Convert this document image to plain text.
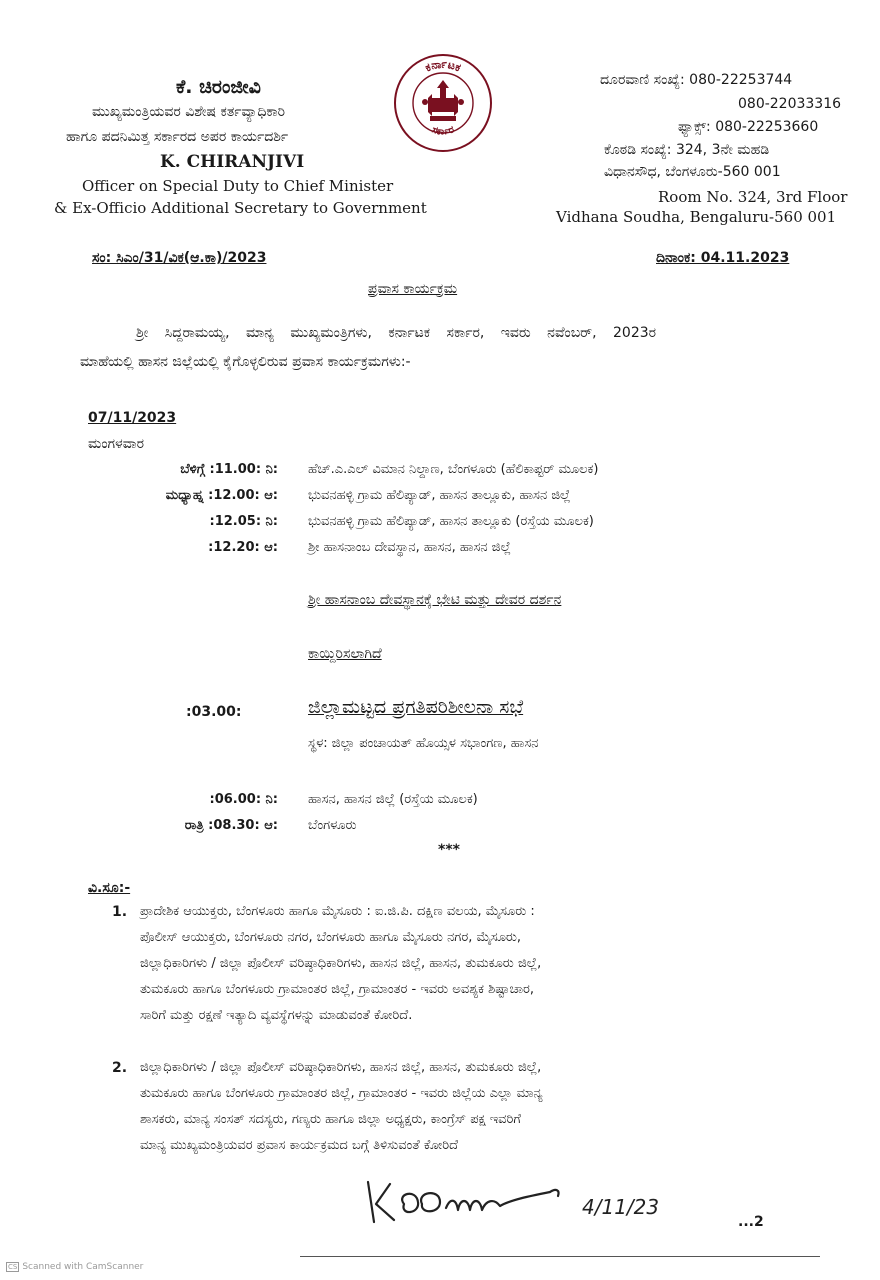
ಕೆ. ಚಿರಂಜೀವಿ
ಮುಖ್ಯಮಂತ್ರಿಯವರ ವಿಶೇಷ ಕರ್ತವ್ಯಾಧಿಕಾರಿ
ಹಾಗೂ ಪದನಿಮಿತ್ತ ಸರ್ಕಾರದ ಅಪರ ಕಾರ್ಯದರ್ಶಿ
K. CHIRANJIVI
Officer on Special Duty to Chief Minister
& Ex-Officio Additional Secretary to Government
ಕರ್ನಾಟಕ
ಸರ್ಕಾರ
ದೂರವಾಣಿ ಸಂಖ್ಯೆ: 080-22253744
080-22033316
ಫ್ಯಾಕ್ಸ್: 080-22253660
ಕೊಠಡಿ ಸಂಖ್ಯೆ: 324, 3ನೇ ಮಹಡಿ
ವಿಧಾನಸೌಧ, ಬೆಂಗಳೂರು-560 001
Room No. 324, 3rd Floor
Vidhana Soudha, Bengaluru-560 001
ಸಂ: ಸಿಎಂ/31/ವಿಕ(ಆ.ಕಾ)/2023	ದಿನಾಂಕ: 04.11.2023
ಪ್ರವಾಸ ಕಾರ್ಯಕ್ರಮ
ಶ್ರೀ ಸಿದ್ದರಾಮಯ್ಯ, ಮಾನ್ಯ ಮುಖ್ಯಮಂತ್ರಿಗಳು, ಕರ್ನಾಟಕ ಸರ್ಕಾರ, ಇವರು ನವೆಂಬರ್, 2023ರ
ಮಾಹೆಯಲ್ಲಿ ಹಾಸನ ಜಿಲ್ಲೆಯಲ್ಲಿ ಕೈಗೊಳ್ಳಲಿರುವ ಪ್ರವಾಸ ಕಾರ್ಯಕ್ರಮಗಳು:-
07/11/2023
ಮಂಗಳವಾರ
ಬೆಳಿಗ್ಗೆ :11.00: ನಿ: ಹೆಚ್.ಎ.ಎಲ್ ವಿಮಾನ ನಿಲ್ದಾಣ, ಬೆಂಗಳೂರು (ಹೆಲಿಕಾಪ್ಟರ್ ಮೂಲಕ)
ಮಧ್ಯಾಹ್ನ :12.00: ಆ: ಭುವನಹಳ್ಳಿ ಗ್ರಾಮ ಹೆಲಿಪ್ಯಾಡ್, ಹಾಸನ ತಾಲ್ಲೂಕು, ಹಾಸನ ಜಿಲ್ಲೆ
:12.05: ನಿ: ಭುವನಹಳ್ಳಿ ಗ್ರಾಮ ಹೆಲಿಪ್ಯಾಡ್, ಹಾಸನ ತಾಲ್ಲೂಕು (ರಸ್ತೆಯ ಮೂಲಕ)
:12.20: ಆ: ಶ್ರೀ ಹಾಸನಾಂಬ ದೇವಸ್ಥಾನ, ಹಾಸನ, ಹಾಸನ ಜಿಲ್ಲೆ
ಶ್ರೀ ಹಾಸನಾಂಬ ದೇವಸ್ಥಾನಕ್ಕೆ ಭೇಟಿ ಮತ್ತು ದೇವರ ದರ್ಶನ
ಕಾಯ್ದಿರಿಸಲಾಗಿದೆ
:03.00:	ಜಿಲ್ಲಾಮಟ್ಟದ ಪ್ರಗತಿಪರಿಶೀಲನಾ ಸಭೆ
ಸ್ಥಳ: ಜಿಲ್ಲಾ ಪಂಚಾಯತ್ ಹೊಯ್ಸಳ ಸಭಾಂಗಣ, ಹಾಸನ
:06.00: ನಿ: ಹಾಸನ, ಹಾಸನ ಜಿಲ್ಲೆ (ರಸ್ತೆಯ ಮೂಲಕ)
ರಾತ್ರಿ :08.30: ಆ: ಬೆಂಗಳೂರು
***
ವಿ.ಸೂ:-
1. ಪ್ರಾದೇಶಿಕ ಆಯುಕ್ತರು, ಬೆಂಗಳೂರು ಹಾಗೂ ಮೈಸೂರು : ಐ.ಜಿ.ಪಿ. ದಕ್ಷಿಣ ವಲಯ, ಮೈಸೂರು :
ಪೊಲೀಸ್ ಆಯುಕ್ತರು, ಬೆಂಗಳೂರು ನಗರ, ಬೆಂಗಳೂರು ಹಾಗೂ ಮೈಸೂರು ನಗರ, ಮೈಸೂರು,
ಜಿಲ್ಲಾಧಿಕಾರಿಗಳು / ಜಿಲ್ಲಾ ಪೊಲೀಸ್ ವರಿಷ್ಠಾಧಿಕಾರಿಗಳು, ಹಾಸನ ಜಿಲ್ಲೆ, ಹಾಸನ, ತುಮಕೂರು ಜಿಲ್ಲೆ,
ತುಮಕೂರು ಹಾಗೂ ಬೆಂಗಳೂರು ಗ್ರಾಮಾಂತರ ಜಿಲ್ಲೆ, ಗ್ರಾಮಾಂತರ - ಇವರು ಅವಶ್ಯಕ ಶಿಷ್ಟಾಚಾರ,
ಸಾರಿಗೆ ಮತ್ತು ರಕ್ಷಣೆ ಇತ್ಯಾದಿ ವ್ಯವಸ್ಥೆಗಳನ್ನು ಮಾಡುವಂತೆ ಕೋರಿದೆ.
2. ಜಿಲ್ಲಾಧಿಕಾರಿಗಳು / ಜಿಲ್ಲಾ ಪೊಲೀಸ್ ವರಿಷ್ಠಾಧಿಕಾರಿಗಳು, ಹಾಸನ ಜಿಲ್ಲೆ, ಹಾಸನ, ತುಮಕೂರು ಜಿಲ್ಲೆ,
ತುಮಕೂರು ಹಾಗೂ ಬೆಂಗಳೂರು ಗ್ರಾಮಾಂತರ ಜಿಲ್ಲೆ, ಗ್ರಾಮಾಂತರ - ಇವರು ಜಿಲ್ಲೆಯ ಎಲ್ಲಾ ಮಾನ್ಯ
ಶಾಸಕರು, ಮಾನ್ಯ ಸಂಸತ್ ಸದಸ್ಯರು, ಗಣ್ಯರು ಹಾಗೂ ಜಿಲ್ಲಾ ಅಧ್ಯಕ್ಷರು, ಕಾಂಗ್ರೆಸ್ ಪಕ್ಷ ಇವರಿಗೆ
ಮಾನ್ಯ ಮುಖ್ಯಮಂತ್ರಿಯವರ ಪ್ರವಾಸ ಕಾರ್ಯಕ್ರಮದ ಬಗ್ಗೆ ತಿಳಿಸುವಂತೆ ಕೋರಿದೆ
4/11/23
...2
CS Scanned with CamScanner
